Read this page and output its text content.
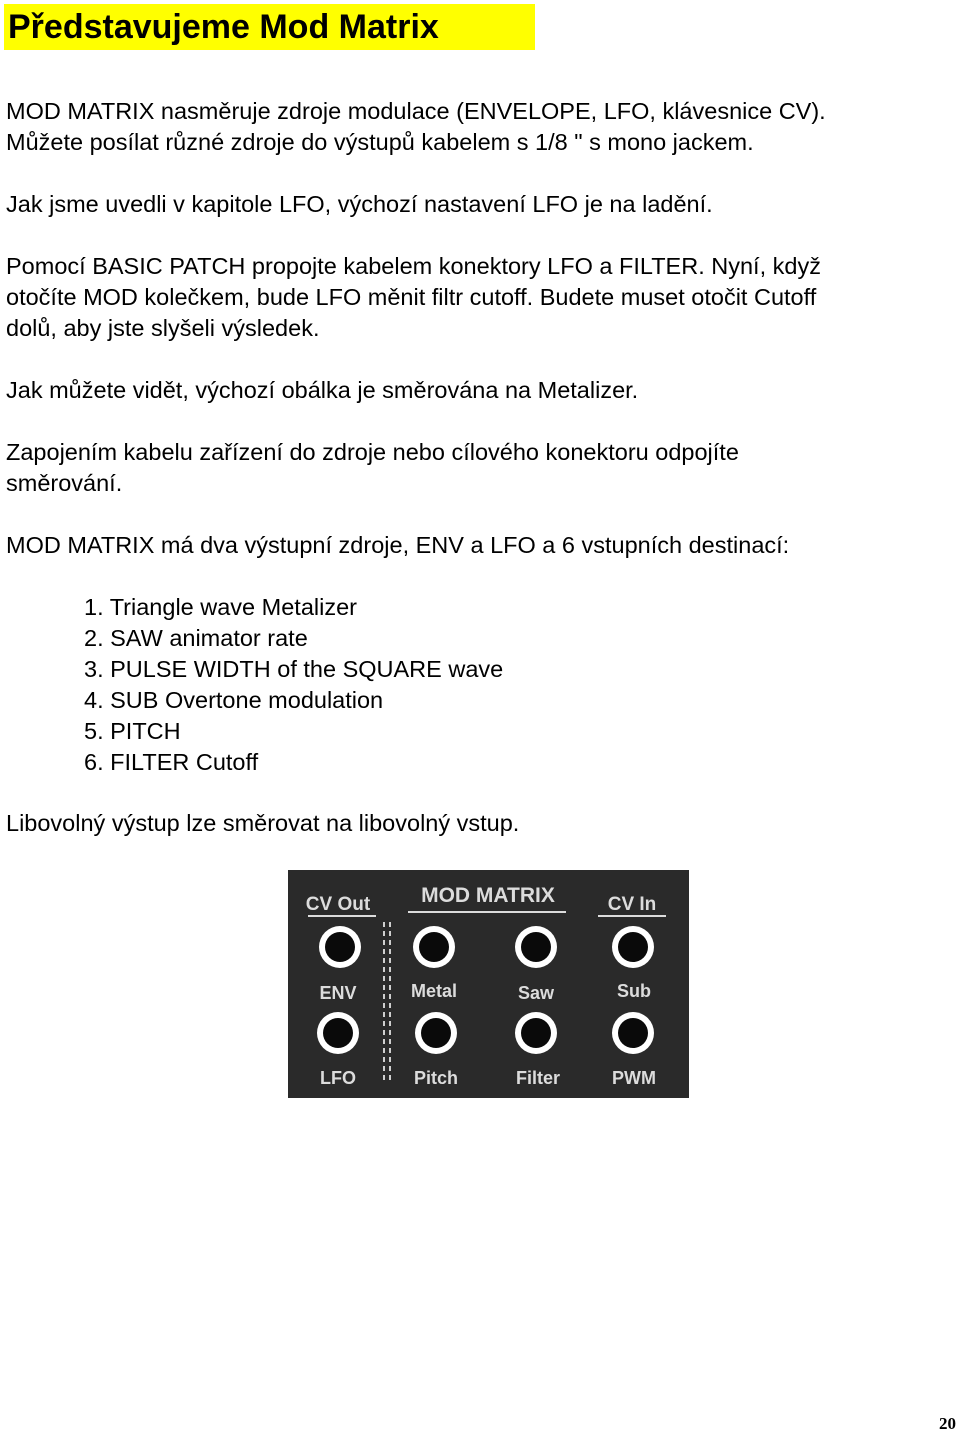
Představujeme Mod Matrix

MOD MATRIX nasměruje zdroje modulace (ENVELOPE, LFO, klávesnice CV).

Můžete posílat různé zdroje do výstupů kabelem s 1/8 " s mono jackem.

Jak jsme uvedli v kapitole LFO, výchozí nastavení LFO je na ladění.

Pomocí BASIC PATCH propojte kabelem konektory LFO a FILTER. Nyní, když

otočíte MOD kolečkem, bude LFO měnit filtr cutoff. Budete muset otočit Cutoff

dolů, aby jste slyšeli výsledek.

Jak můžete vidět, výchozí obálka je směrována na Metalizer.

Zapojením kabelu zařízení do zdroje nebo cílového konektoru odpojíte

směrování.

MOD MATRIX má dva výstupní zdroje, ENV a LFO a 6 vstupních destinací:

1. Triangle wave Metalizer
2. SAW animator rate
3. PULSE WIDTH of the SQUARE wave
4. SUB Overtone modulation
5. PITCH
6. FILTER Cutoff

Libovolný výstup lze směrovat na libovolný vstup.

CV Out MOD MATRIX	CV In
ENV	Metal	Saw	Sub
LFO	Pitch	Filter	PWM

20
